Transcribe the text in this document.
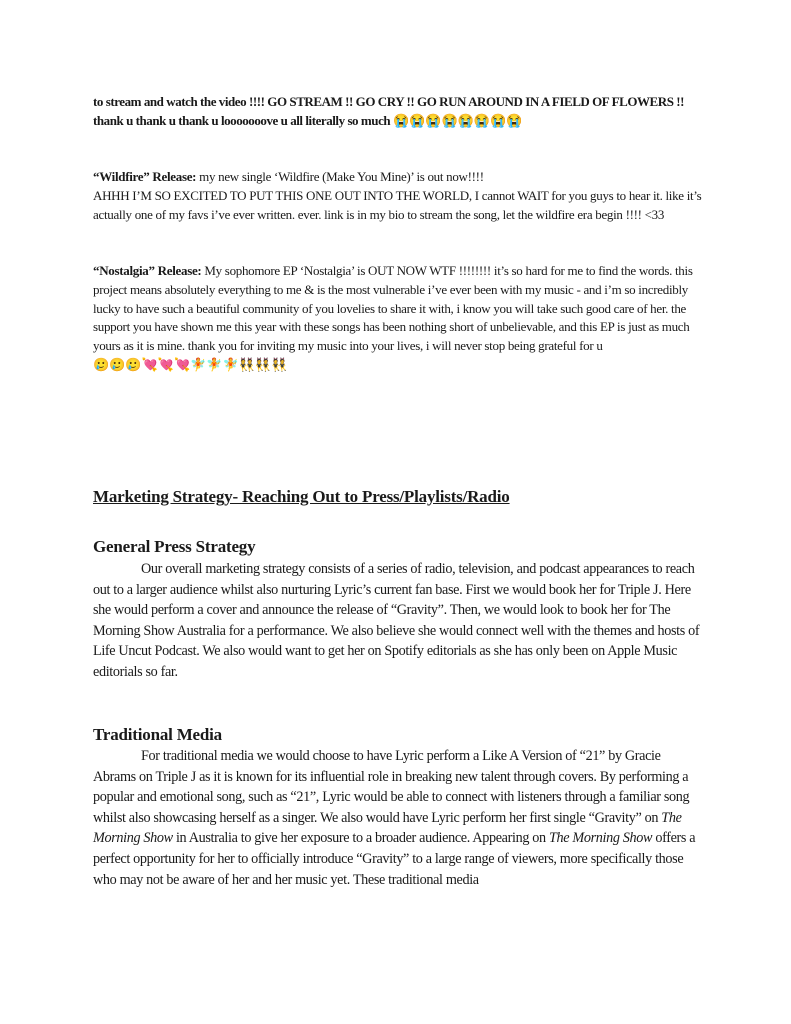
to stream and watch the video !!!! GO STREAM !! GO CRY !! GO RUN AROUND IN A FIELD OF FLOWERS !! thank u thank u thank u looooooove u all literally so much 😭😭😭😭😭😭😭😭
“Wildfire” Release: my new single ‘Wildfire (Make You Mine)’ is out now!!!!
AHHH I’M SO EXCITED TO PUT THIS ONE OUT INTO THE WORLD, I cannot WAIT for you guys to hear it. like it’s actually one of my favs i’ve ever written. ever. link is in my bio to stream the song, let the wildfire era begin !!!! <33
“Nostalgia” Release: My sophomore EP ‘Nostalgia’ is OUT NOW WTF !!!!!!!! it’s so hard for me to find the words. this project means absolutely everything to me & is the most vulnerable i’ve ever been with my music - and i’m so incredibly lucky to have such a beautiful community of you lovelies to share it with, i know you will take such good care of her. the support you have shown me this year with these songs has been nothing short of unbelievable, and this EP is just as much yours as it is mine. thank you for inviting my music into your lives, i will never stop being grateful for u
🥲🥲🥲💘💘💘🧚🧚🧚👯👯👯
Marketing Strategy- Reaching Out to Press/Playlists/Radio
General Press Strategy
Our overall marketing strategy consists of a series of radio, television, and podcast appearances to reach out to a larger audience whilst also nurturing Lyric’s current fan base. First we would book her for Triple J. Here she would perform a cover and announce the release of “Gravity”. Then, we would look to book her for The Morning Show Australia for a performance. We also believe she would connect well with the themes and hosts of Life Uncut Podcast. We also would want to get her on Spotify editorials as she has only been on Apple Music editorials so far.
Traditional Media
For traditional media we would choose to have Lyric perform a Like A Version of “21” by Gracie Abrams on Triple J as it is known for its influential role in breaking new talent through covers. By performing a popular and emotional song, such as “21”, Lyric would be able to connect with listeners through a familiar song whilst also showcasing herself as a singer. We also would have Lyric perform her first single “Gravity” on The Morning Show in Australia to give her exposure to a broader audience. Appearing on The Morning Show offers a perfect opportunity for her to officially introduce “Gravity” to a large range of viewers, more specifically those who may not be aware of her and her music yet. These traditional media
